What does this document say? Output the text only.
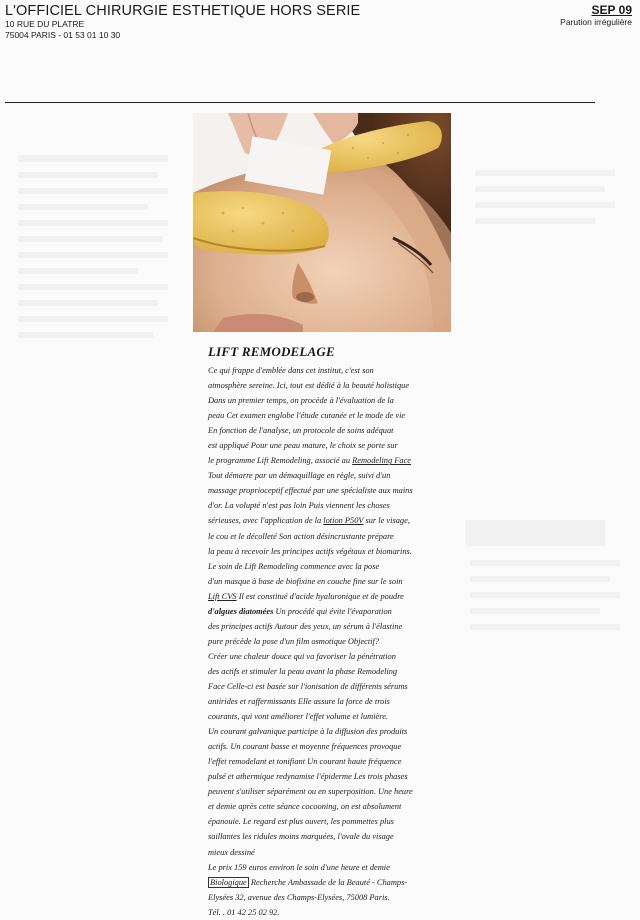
L'OFFICIEL CHIRURGIE ESTHETIQUE HORS SERIE
10 RUE DU PLATRE
75004 PARIS - 01 53 01 10 30
SEP 09
Parution irrégulière
LIFT REMODELAGE
Ce qui frappe d'emblée dans cet institut, c'est son
atmosphère sereine. Ici, tout est dédié à la beauté holistique
Dans un premier temps, on procède à l'évaluation de la
peau Cet examen englobe l'étude cutanée et le mode de vie
En fonction de l'analyse, un protocole de soins adéquat
est appliqué Pour une peau mature, le choix se porte sur
le programme Lift Remodeling, associé au Remodeling Face
Tout démarre par un démaquillage en règle, suivi d'un
massage proprioceptif effectué par une spécialiste aux mains
d'or. La volupté n'est pas loin Puis viennent les choses
sérieuses, avec l'application de la lotion P50V sur le visage,
le cou et le décolleté Son action désincrustante prépare
la peau à recevoir les principes actifs végétaux et biomarins.
Le soin de Lift Remodeling commence avec la pose
d'un masque à base de biofixine en couche fine sur le soin
Lift CVS Il est constitué d'acide hyaluronique et de poudre
d'algues diatomées Un procédé qui évite l'évaporation
des principes actifs Autour des yeux, un sérum à l'élastine
pure précède la pose d'un film osmotique Objectif?
Créer une chaleur douce qui va favoriser la pénétration
des actifs et stimuler la peau avant la phase Remodeling
Face Celle-ci est basée sur l'ionisation de différents sérums
antirides et raffermissants Elle assure la force de trois
courants, qui vont améliorer l'effet volume et lumière.
Un courant galvanique participe à la diffusion des produits
actifs. Un courant basse et moyenne fréquences provoque
l'effet remodelant et tonifiant Un courant haute fréquence
pulsé et athermique redynamise l'épiderme Les trois phases
peuvent s'utiliser séparément ou en superposition. Une heure
et demie après cette séance cocooning, on est absolument
épanouie. Le regard est plus ouvert, les pommettes plus
saillantes les ridules moins marquées, l'ovale du visage
mieux dessiné
Le prix 159 euros environ le soin d'une heure et demie
Biologique Recherche Ambassade de la Beauté - Champs-
Elysées 32, avenue des Champs-Elysées, 75008 Paris.
Tél. . 01 42 25 02 92.
